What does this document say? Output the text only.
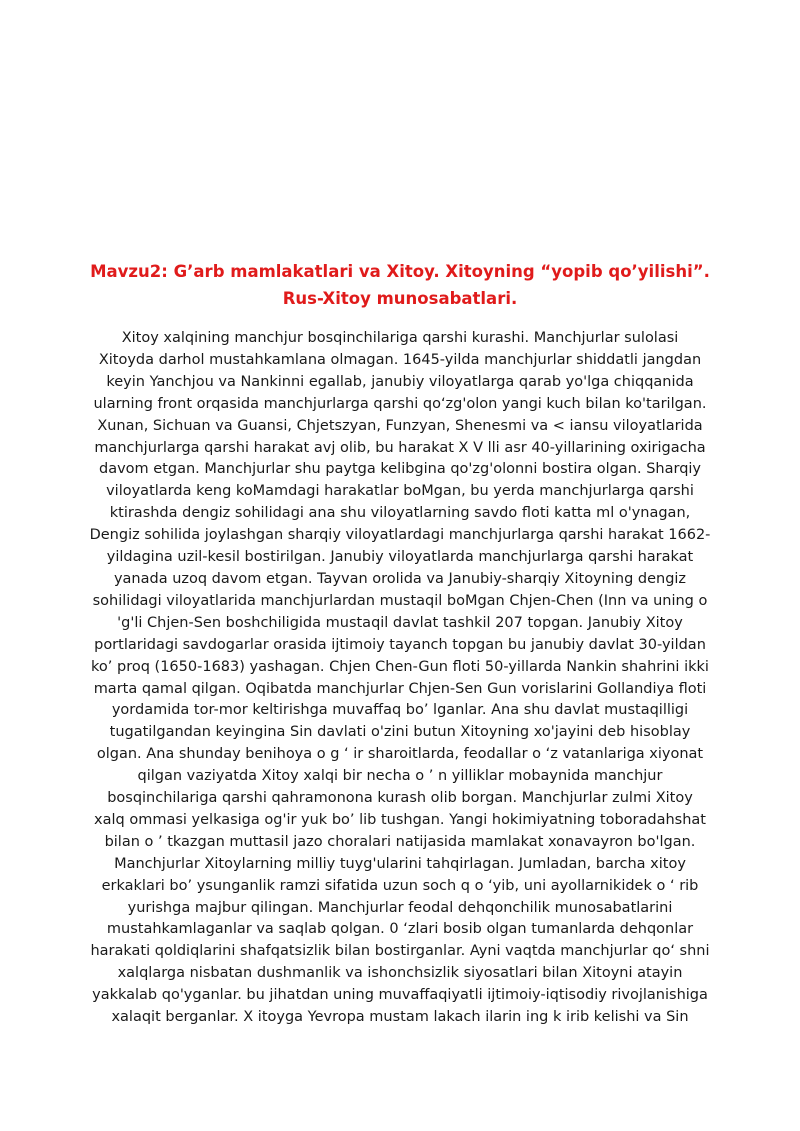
Mavzu2: G’arb mamlakatlari va Xitoy. Xitoyning “yopib qo’yilishi”.
Rus-Xitoy munosabatlari.
Xitoy xalqining manchjur bosqinchilariga qarshi kurashi. Manchjurlar sulolasi
Xitoyda darhol mustahkamlana olmagan. 1645-yilda manchjurlar shiddatli jangdan
keyin Yanchjou va Nankinni egallab, janubiy viloyatlarga qarab yo'lga chiqqanida
ularning front orqasida manchjurlarga qarshi qo‘zg'olon yangi kuch bilan ko'tarilgan.
Xunan, Sichuan va Guansi, Chjetszyan, Funzyan, Shenesmi va < iansu viloyatlarida
manchjurlarga qarshi harakat avj olib, bu harakat X V lli asr 40-yillarining oxirigacha
davom etgan. Manchjurlar shu paytga kelibgina qo'zg'olonni bostira olgan. Sharqiy
viloyatlarda keng koMamdagi harakatlar boMgan, bu yerda manchjurlarga qarshi
ktirashda dengiz sohilidagi ana shu viloyatlarning savdo floti katta ml o'ynagan,
Dengiz sohilida joylashgan sharqiy viloyatlardagi manchjurlarga qarshi harakat 1662-
yildagina uzil-kesil bostirilgan. Janubiy viloyatlarda manchjurlarga qarshi harakat
yanada uzoq davom etgan. Tayvan orolida va Janubiy-sharqiy Xitoyning dengiz
sohilidagi viloyatlarida manchjurlardan mustaqil boMgan Chjen-Chen (Inn va uning o
'g'li Chjen-Sen boshchiligida mustaqil davlat tashkil 207 topgan. Janubiy Xitoy
portlaridagi savdogarlar orasida ijtimoiy tayanch topgan bu janubiy davlat 30-yildan
ko’ proq (1650-1683) yashagan. Chjen Chen-Gun floti 50-yillarda Nankin shahrini ikki
marta qamal qilgan. Oqibatda manchjurlar Chjen-Sen Gun vorislarini Gollandiya floti
yordamida tor-mor keltirishga muvaffaq bo’ lganlar. Ana shu davlat mustaqilligi
tugatilgandan keyingina Sin davlati o'zini butun Xitoyning xo'jayini deb hisoblay
olgan. Ana shunday benihoya o g ‘ ir sharoitlarda, feodallar o ‘z vatanlariga xiyonat
qilgan vaziyatda Xitoy xalqi bir necha o ’ n yilliklar mobaynida manchjur
bosqinchilariga qarshi qahramonona kurash olib borgan. Manchjurlar zulmi Xitoy
xalq ommasi yelkasiga og'ir yuk bo’ lib tushgan. Yangi hokimiyatning toboradahshat
bilan o ’ tkazgan muttasil jazo choralari natijasida mamlakat xonavayron bo'lgan.
Manchjurlar Xitoylarning milliy tuyg'ularini tahqirlagan. Jumladan, barcha xitoy
erkaklari bo’ ysunganlik ramzi sifatida uzun soch q o ‘yib, uni ayollarnikidek o ‘ rib
yurishga majbur qilingan. Manchjurlar feodal dehqonchilik munosabatlarini
mustahkamlaganlar va saqlab qolgan. 0 ‘zlari bosib olgan tumanlarda dehqonlar
harakati qoldiqlarini shafqatsizlik bilan bostirganlar. Ayni vaqtda manchjurlar qo‘ shni
xalqlarga nisbatan dushmanlik va ishonchsizlik siyosatlari bilan Xitoyni atayin
yakkalab qo'yganlar. bu jihatdan uning muvaffaqiyatli ijtimoiy-iqtisodiy rivojlanishiga
xalaqit berganlar. X itoyga Yevropa mustam lakach ilarin ing k irib kelishi va Sin
